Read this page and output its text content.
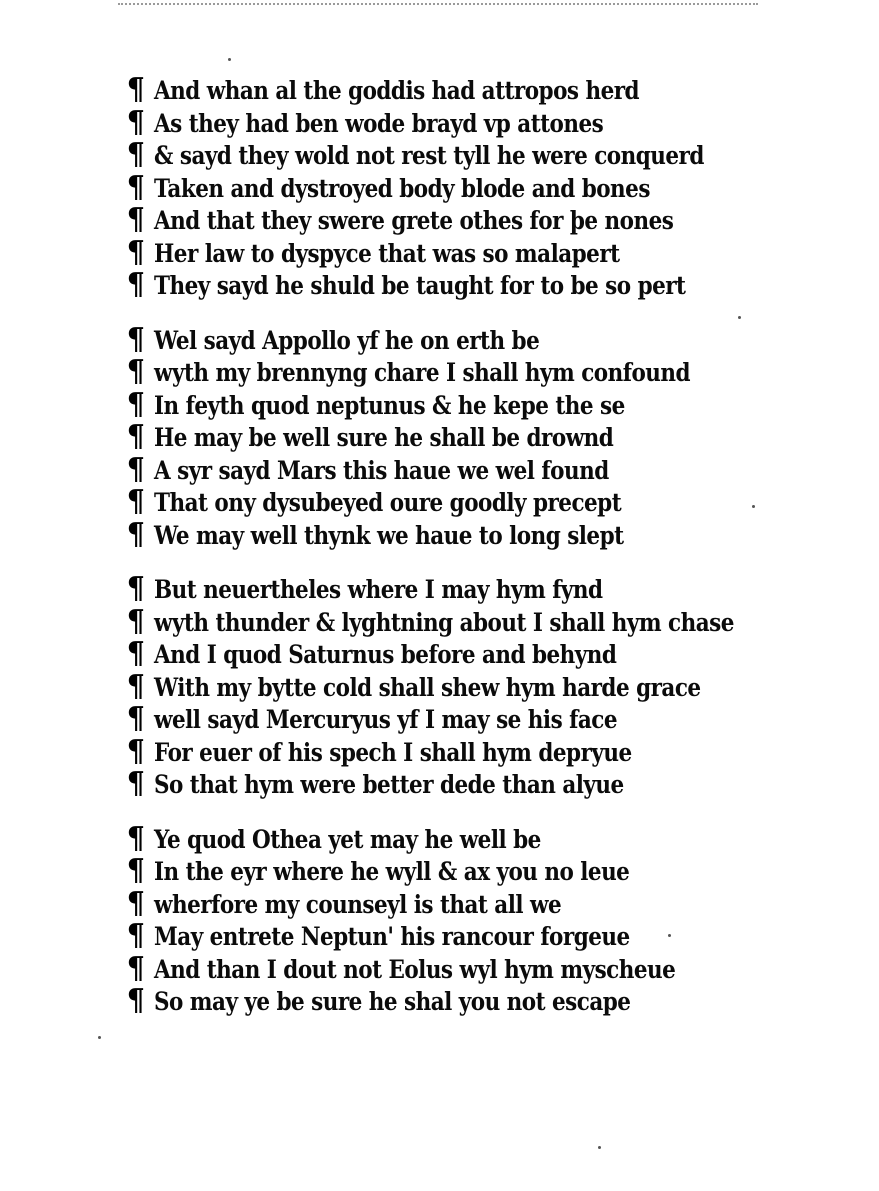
¶ And whan al the goddis had attropos herd
¶ As they had ben wode brayd vp attones
¶ & sayd they wold not rest tyll he were conquerd
¶ Taken and dystroyed body blode and bones
¶ And that they swere grete othes for þe nones
¶ Her law to dyspyce that was so malapert
¶ They sayd he shuld be taught for to be so pert
¶ Wel sayd Appollo yf he on erth be
¶ wyth my brennyng chare I shall hym confound
¶ In feyth quod neptunus & he kepe the se
¶ He may be well sure he shall be drownd
¶ A syr sayd Mars this haue we wel found
¶ That ony dysubeyed oure goodly precept
¶ We may well thynk we haue to long slept
¶ But neuertheles where I may hym fynd
¶ wyth thunder & lyghtning about I shall hym chase
¶ And I quod Saturnus before and behynd
¶ With my bytte cold shall shew hym harde grace
¶ well sayd Mercuryus yf I may se his face
¶ For euer of his spech I shall hym depryue
¶ So that hym were better dede than alyue
¶ Ye quod Othea yet may he well be
¶ In the eyr where he wyll & ax you no leue
¶ wherfore my counseyl is that all we
¶ May entrete Neptun' his rancour forgeue
¶ And than I dout not Eolus wyl hym myscheue
¶ So may ye be sure he shal you not escape
